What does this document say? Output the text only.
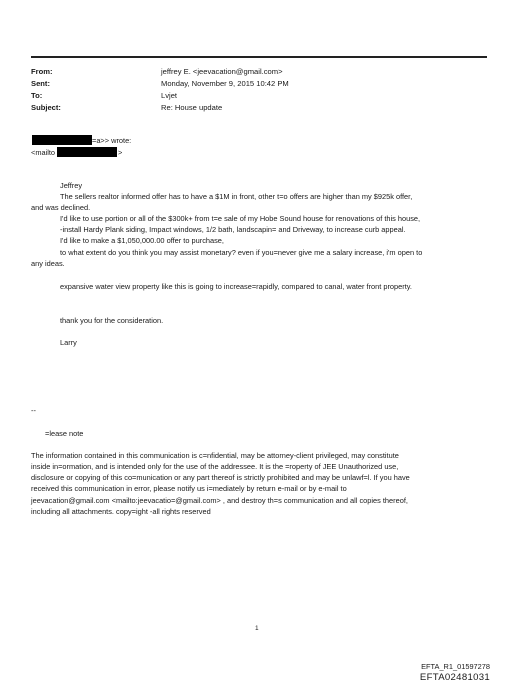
From:	jeffrey E. <jeevacation@gmail.com>
Sent:	Monday, November 9, 2015 10:42 PM
To:	Lvjet
Subject:	Re: House update
=a>> wrote:
<mailto	>
Jeffrey
The sellers realtor informed offer has to have a $1M in front, other t=o offers are higher than my $925k offer,
and was declined.
I'd like to use portion or all of the $300k+ from t=e sale of my Hobe Sound house for renovations of this house,
-install Hardy Plank siding, Impact windows, 1/2 bath, landscapin= and Driveway, to increase curb appeal.
I'd like to make a $1,050,000.00 offer to purchase,
to what extent do you think you may assist monetary? even if you=never give me a salary increase, i'm open to
any ideas.
expansive water view property like this is going to increase=rapidly, compared to canal, water front property.
thank you for the consideration.
Larry
--
=lease note
The information contained in this communication is c=nfidential, may be attorney-client privileged, may constitute
inside in=ormation, and is intended only for the use of the addressee. It is the =roperty of JEE Unauthorized use,
disclosure or copying of this co=munication or any part thereof is strictly prohibited and may be unlawf=l. If you have
received this communication in error, please notify us i=mediately by return e-mail or by e-mail to
jeevacation@gmail.com <mailto:jeevacatio=@gmail.com> , and destroy th=s communication and all copies thereof,
including all attachments. copy=ight -all rights reserved
1
EFTA_R1_01597278
EFTA02481031
